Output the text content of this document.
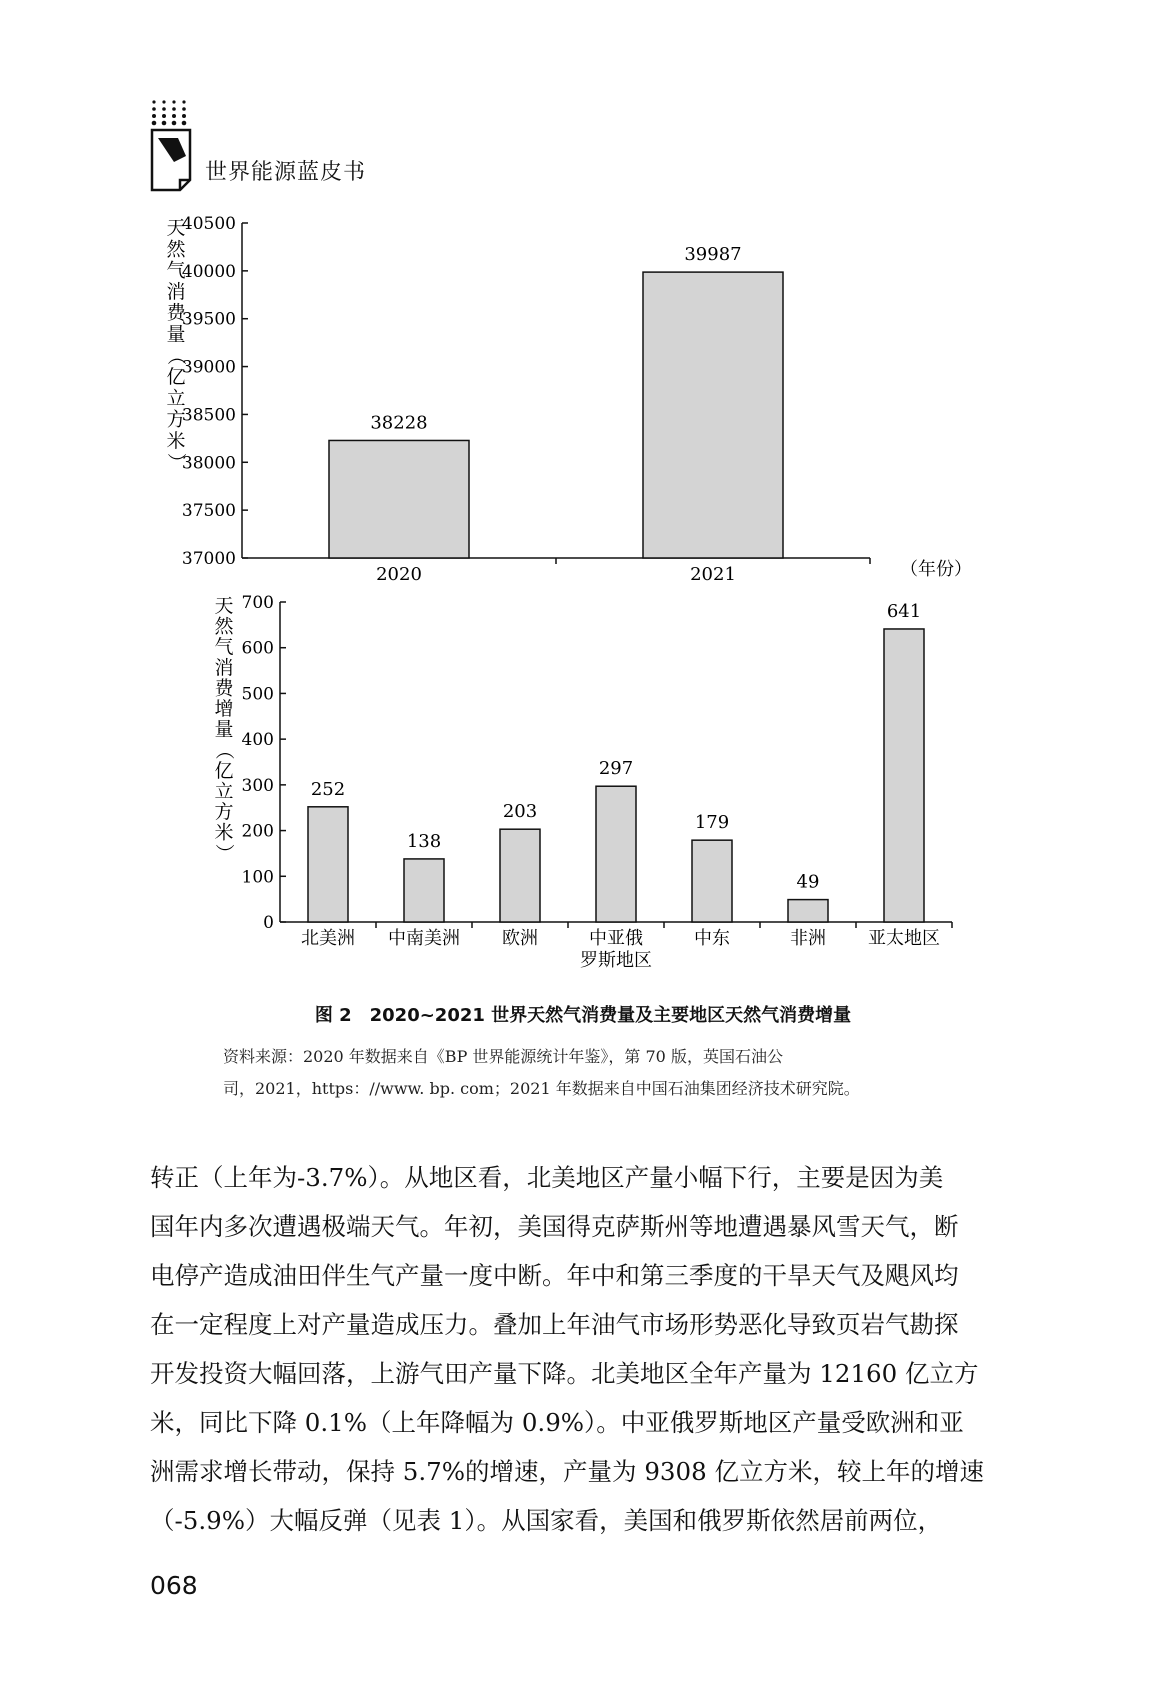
世界能源蓝皮书
天
然
气
消
费
量
（
亿
立
方
米
）
37000
37500
38000
38500
39000
39500
40000
40500
38228
39987
2020	2021	（年份）
天
然
气
消
费
增
量
（
亿
立
方
米
）
0
100
200
300
400
500
600
700
252
138
203
297
179
49
641
北美洲 中南美洲 欧洲	中亚俄罗斯地区
中东	非洲 亚太地区
图 2 2020~2021 世界天然气消费量及主要地区天然气消费增量
资料来源：2020 年数据来自《BP 世界能源统计年鉴》，第 70 版，英国石油公
司，2021，https：//www. bp. com；2021 年数据来自中国石油集团经济技术研究院。
转正（上年为-3.7%）。从地区看，北美地区产量小幅下行，主要是因为美
国年内多次遭遇极端天气。年初，美国得克萨斯州等地遭遇暴风雪天气，断
电停产造成油田伴生气产量一度中断。年中和第三季度的干旱天气及飓风均
在一定程度上对产量造成压力。叠加上年油气市场形势恶化导致页岩气勘探
开发投资大幅回落，上游气田产量下降。北美地区全年产量为 12160 亿立方
米，同比下降 0.1%（上年降幅为 0.9%）。中亚俄罗斯地区产量受欧洲和亚
洲需求增长带动，保持 5.7%的增速，产量为 9308 亿立方米，较上年的增速
（-5.9%）大幅反弹（见表 1）。从国家看，美国和俄罗斯依然居前两位，
068
